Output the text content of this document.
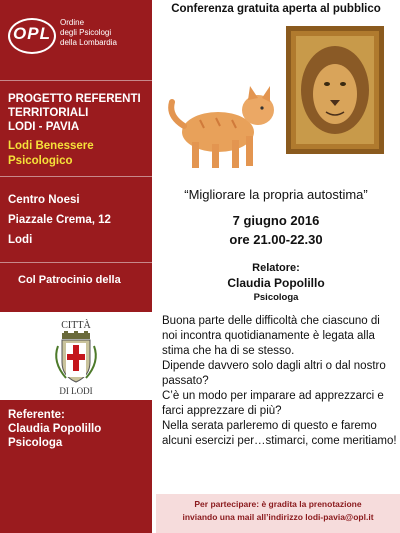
OPL
Ordine
degli Psicologi
della Lombardia
PROGETTO REFERENTI
TERRITORIALI
LODI - PAVIA
Lodi Benessere
Psicologico
Centro Noesi
Piazzale Crema, 12
Lodi
Col Patrocinio della
CITTÀ
DI LODI
Referente:
Claudia Popolillo
Psicologa
Conferenza gratuita aperta al pubblico
“Migliorare la propria autostima”
7 giugno 2016
ore 21.00-22.30
Relatore:
Claudia Popolillo
Psicologa

Buona parte delle difficoltà che ciascuno di noi incontra quotidianamente è legata alla stima che ha di se stesso.

Dipende davvero solo dagli altri o dal nostro passato?

C’è un modo per imparare ad apprezzarci e farci apprezzare di più?

Nella serata parleremo di questo e faremo alcuni esercizi per…stimarci, come meritiamo!

Per partecipare: è gradita la prenotazione
inviando una mail all’indirizzo lodi-pavia@opl.it
